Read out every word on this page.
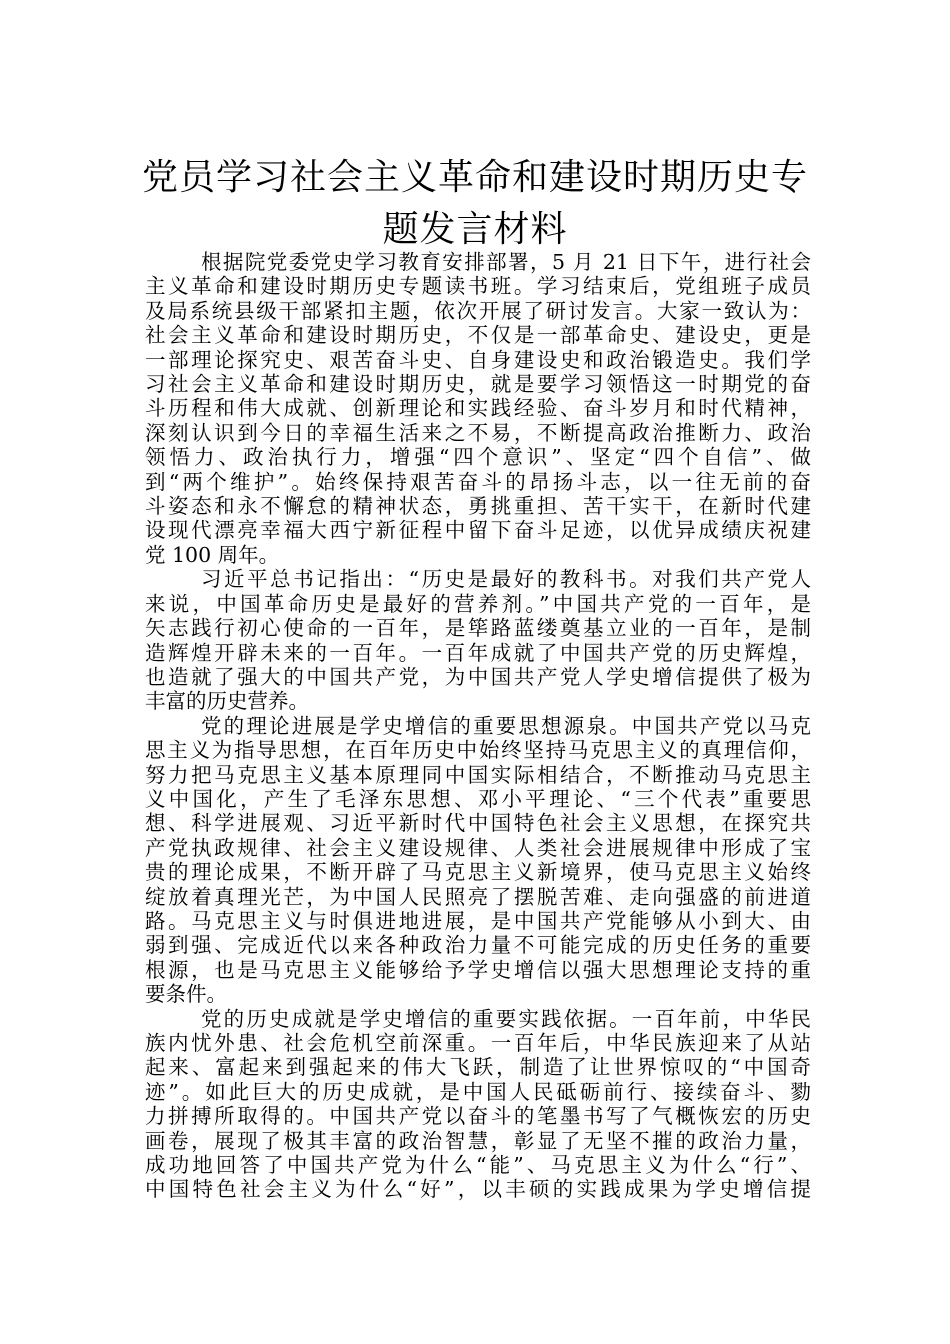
党员学习社会主义革命和建设时期历史专
题发言材料
根据院党委党史学习教育安排部署，5 月 21 日下午，进行社会
主义革命和建设时期历史专题读书班。学习结束后，党组班子成员
及局系统县级干部紧扣主题，依次开展了研讨发言。大家一致认为：
社会主义革命和建设时期历史，不仅是一部革命史、建设史，更是
一部理论探究史、艰苦奋斗史、自身建设史和政治锻造史。我们学
习社会主义革命和建设时期历史，就是要学习领悟这一时期党的奋
斗历程和伟大成就、创新理论和实践经验、奋斗岁月和时代精神，
深刻认识到今日的幸福生活来之不易，不断提高政治推断力、政治
领悟力、政治执行力，增强“四个意识”、坚定“四个自信”、做
到“两个维护”。始终保持艰苦奋斗的昂扬斗志，以一往无前的奋
斗姿态和永不懈怠的精神状态，勇挑重担、苦干实干，在新时代建
设现代漂亮幸福大西宁新征程中留下奋斗足迹，以优异成绩庆祝建
党 100 周年。
习近平总书记指出：“历史是最好的教科书。对我们共产党人
来说，中国革命历史是最好的营养剂。”中国共产党的一百年，是
矢志践行初心使命的一百年，是筚路蓝缕奠基立业的一百年，是制
造辉煌开辟未来的一百年。一百年成就了中国共产党的历史辉煌，
也造就了强大的中国共产党，为中国共产党人学史增信提供了极为
丰富的历史营养。
党的理论进展是学史增信的重要思想源泉。中国共产党以马克
思主义为指导思想，在百年历史中始终坚持马克思主义的真理信仰，
努力把马克思主义基本原理同中国实际相结合，不断推动马克思主
义中国化，产生了毛泽东思想、邓小平理论、“三个代表”重要思
想、科学进展观、习近平新时代中国特色社会主义思想，在探究共
产党执政规律、社会主义建设规律、人类社会进展规律中形成了宝
贵的理论成果，不断开辟了马克思主义新境界，使马克思主义始终
绽放着真理光芒，为中国人民照亮了摆脱苦难、走向强盛的前进道
路。马克思主义与时俱进地进展，是中国共产党能够从小到大、由
弱到强、完成近代以来各种政治力量不可能完成的历史任务的重要
根源，也是马克思主义能够给予学史增信以强大思想理论支持的重
要条件。
党的历史成就是学史增信的重要实践依据。一百年前，中华民
族内忧外患、社会危机空前深重。一百年后，中华民族迎来了从站
起来、富起来到强起来的伟大飞跃，制造了让世界惊叹的“中国奇
迹”。如此巨大的历史成就，是中国人民砥砺前行、接续奋斗、勠
力拼搏所取得的。中国共产党以奋斗的笔墨书写了气概恢宏的历史
画卷，展现了极其丰富的政治智慧，彰显了无坚不摧的政治力量，
成功地回答了中国共产党为什么“能”、马克思主义为什么“行”、
中国特色社会主义为什么“好”，以丰硕的实践成果为学史增信提
